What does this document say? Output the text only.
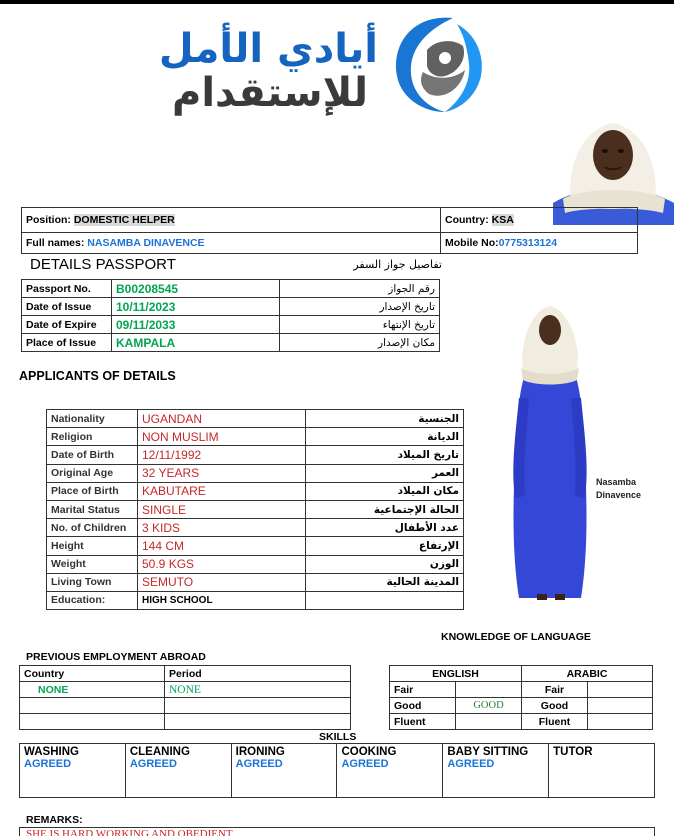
أيادي الأمل
للإستقدام
Position: DOMESTIC HELPER	Country: KSA
Full names: NASAMBA DINAVENCE	Mobile No:0775313124
DETAILS PASSPORT	تفاصيل جواز السفر
Passport No.	B00208545	رقم الجواز
Date of Issue	10/11/2023	تاريخ الإصدار
Date of Expire	09/11/2033	تاريخ الإنتهاء
Place of Issue	KAMPALA	مكان الإصدار
APPLICANTS OF DETAILS
Nationality	UGANDAN	الجنسية
Religion	NON MUSLIM	الديانة
Date of Birth	12/11/1992	تاريخ الميلاد
Original Age	32 YEARS	العمر
Place of Birth	KABUTARE	مكان الميلاد
Marital Status	SINGLE	الحالة الإجتماعية
No. of Children	3 KIDS	عدد الأطفال
Height	144 CM	الإرتفاع
Weight	50.9 KGS	الوزن
Living Town	SEMUTO	المدينة الحالية
Education:	HIGH SCHOOL	
Nasamba
Dinavence
KNOWLEDGE OF LANGUAGE
ENGLISH		ARABIC	
Fair		Fair	
Good	GOOD	Good	
Fluent		Fluent	
PREVIOUS EMPLOYMENT ABROAD
Country	Period
NONE	NONE

SKILLS
WASHING
AGREED

CLEANING
AGREED

IRONING
AGREED

COOKING
AGREED

BABY SITTING
AGREED

TUTOR
REMARKS:
SHE IS HARD WORKING AND OBEDIENT
